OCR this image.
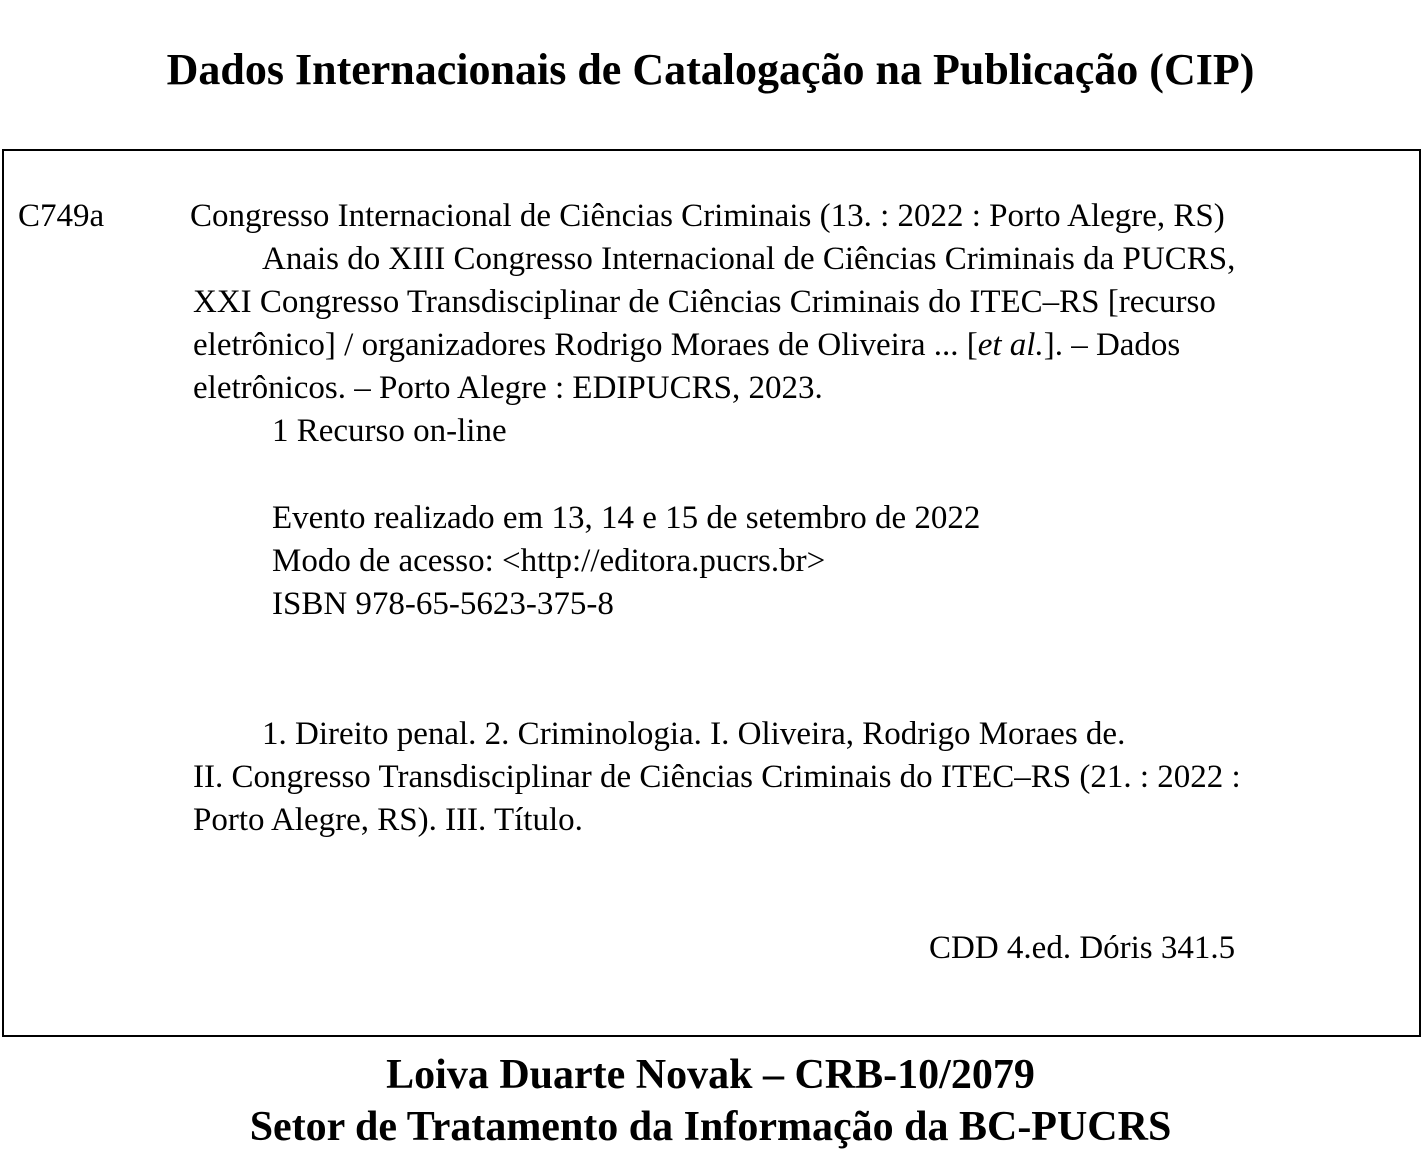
Dados Internacionais de Catalogação na Publicação (CIP)
C749a	Congresso Internacional de Ciências Criminais (13. : 2022 : Porto Alegre, RS)
Anais do XIII Congresso Internacional de Ciências Criminais da PUCRS,
XXI Congresso Transdisciplinar de Ciências Criminais do ITEC–RS [recurso
eletrônico] / organizadores Rodrigo Moraes de Oliveira ... [et al.]. – Dados
eletrônicos. – Porto Alegre : EDIPUCRS, 2023.
1 Recurso on-line
Evento realizado em 13, 14 e 15 de setembro de 2022
Modo de acesso: <http://editora.pucrs.br>
ISBN 978-65-5623-375-8
1. Direito penal. 2. Criminologia. I. Oliveira, Rodrigo Moraes de.
II. Congresso Transdisciplinar de Ciências Criminais do ITEC–RS (21. : 2022 :
Porto Alegre, RS). III. Título.
CDD 4.ed. Dóris 341.5
Loiva Duarte Novak – CRB-10/2079
Setor de Tratamento da Informação da BC-PUCRS
